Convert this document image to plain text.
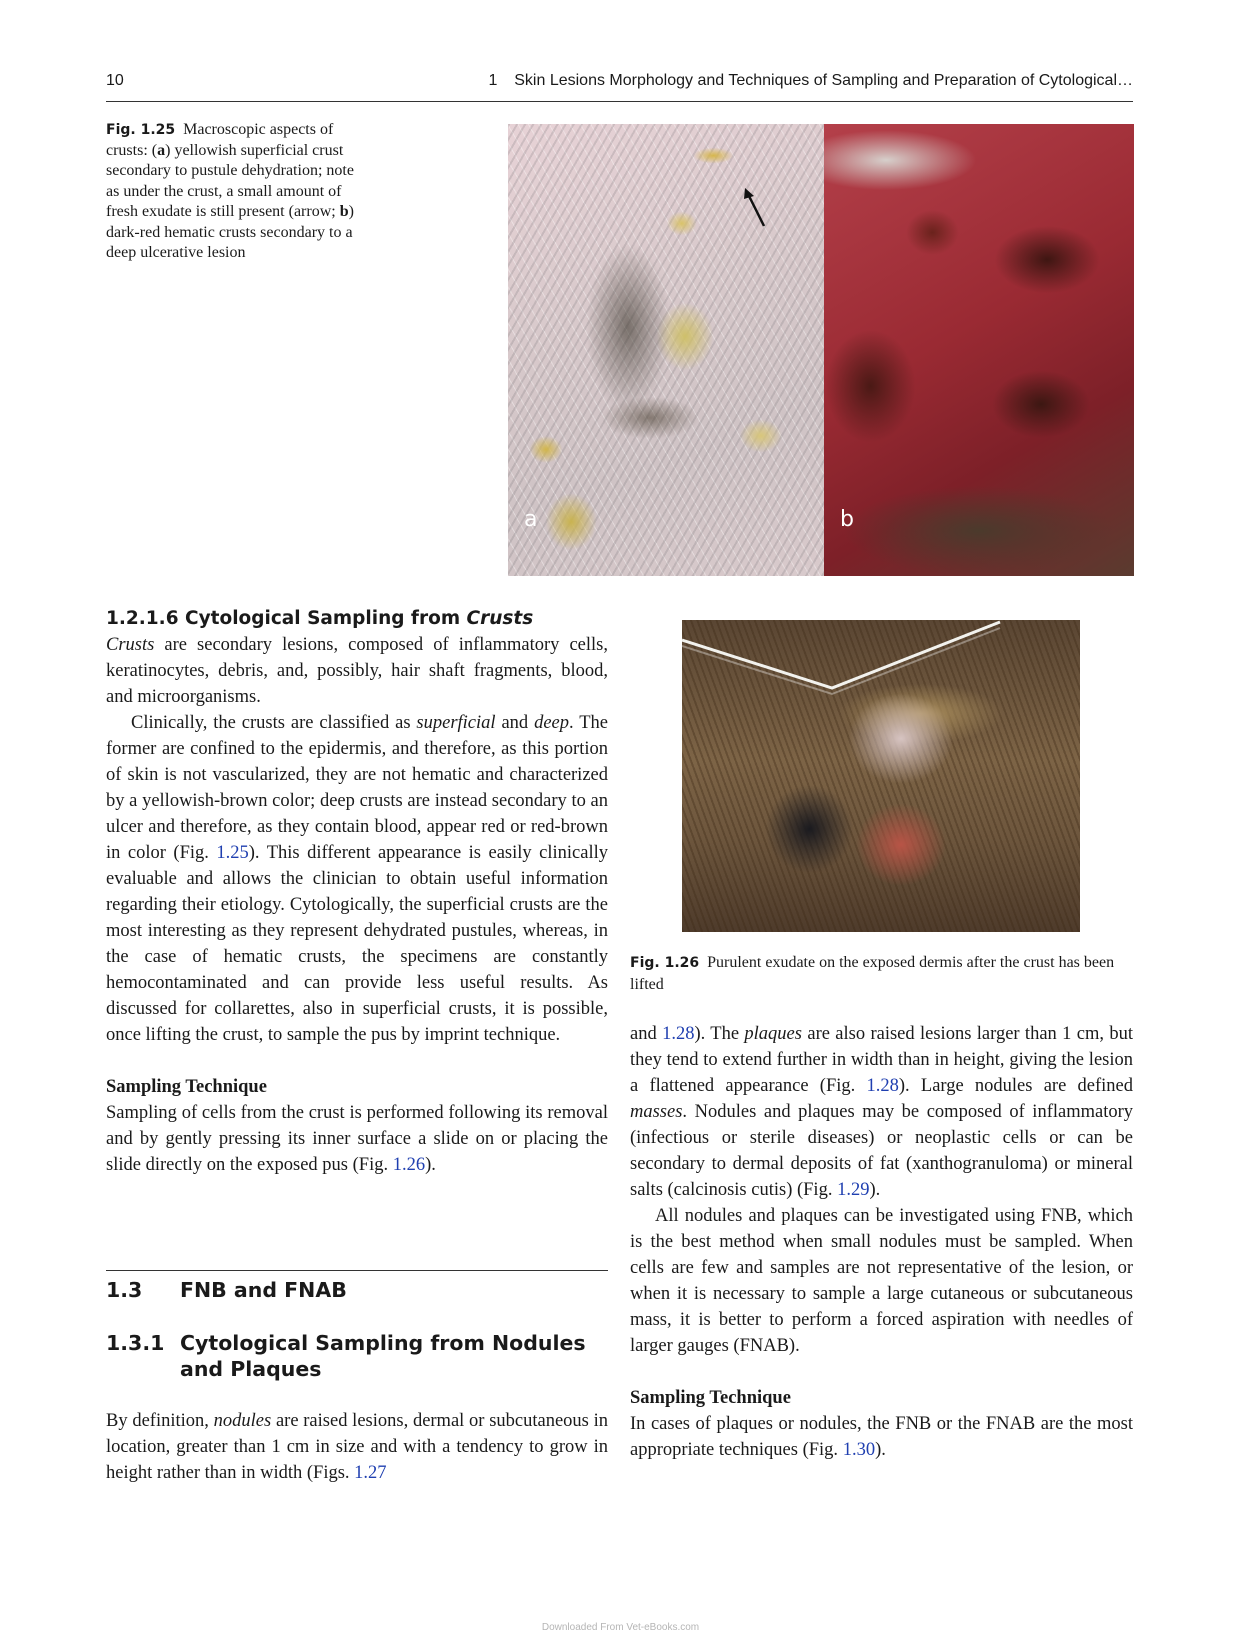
10	1   Skin Lesions Morphology and Techniques of Sampling and Preparation of Cytological…
Fig. 1.25 Macroscopic aspects of crusts: (a) yellowish superficial crust secondary to pustule dehydration; note as under the crust, a small amount of fresh exudate is still present (arrow; b) dark-red hematic crusts secondary to a deep ulcerative lesion
a	b
1.2.1.6 Cytological Sampling from Crusts

Crusts are secondary lesions, composed of inflammatory cells, keratinocytes, debris, and, possibly, hair shaft fragments, blood, and microorganisms.

Clinically, the crusts are classified as superficial and deep. The former are confined to the epidermis, and therefore, as this portion of skin is not vascularized, they are not hematic and characterized by a yellowish-brown color; deep crusts are instead secondary to an ulcer and therefore, as they contain blood, appear red or red-brown in color (Fig. 1.25). This different appearance is easily clinically evaluable and allows the clinician to obtain useful information regarding their etiology. Cytologically, the superficial crusts are the most interesting as they represent dehydrated pustules, whereas, in the case of hematic crusts, the specimens are constantly hemocontaminated and can provide less useful results. As discussed for collarettes, also in superficial crusts, it is possible, once lifting the crust, to sample the pus by imprint technique.

Sampling Technique

Sampling of cells from the crust is performed following its removal and by gently pressing its inner surface a slide on or placing the slide directly on the exposed pus (Fig. 1.26).

1.3 FNB and FNAB
1.3.1 Cytological Sampling from Nodules and Plaques

By definition, nodules are raised lesions, dermal or subcutaneous in location, greater than 1 cm in size and with a tendency to grow in height rather than in width (Figs. 1.27

Fig. 1.26 Purulent exudate on the exposed dermis after the crust has been lifted

and 1.28). The plaques are also raised lesions larger than 1 cm, but they tend to extend further in width than in height, giving the lesion a flattened appearance (Fig. 1.28). Large nodules are defined masses. Nodules and plaques may be composed of inflammatory (infectious or sterile diseases) or neoplastic cells or can be secondary to dermal deposits of fat (xanthogranuloma) or mineral salts (calcinosis cutis) (Fig. 1.29).

All nodules and plaques can be investigated using FNB, which is the best method when small nodules must be sampled. When cells are few and samples are not representative of the lesion, or when it is necessary to sample a large cutaneous or subcutaneous mass, it is better to perform a forced aspiration with needles of larger gauges (FNAB).

Sampling Technique

In cases of plaques or nodules, the FNB or the FNAB are the most appropriate techniques (Fig. 1.30).

Downloaded From Vet-eBooks.com
